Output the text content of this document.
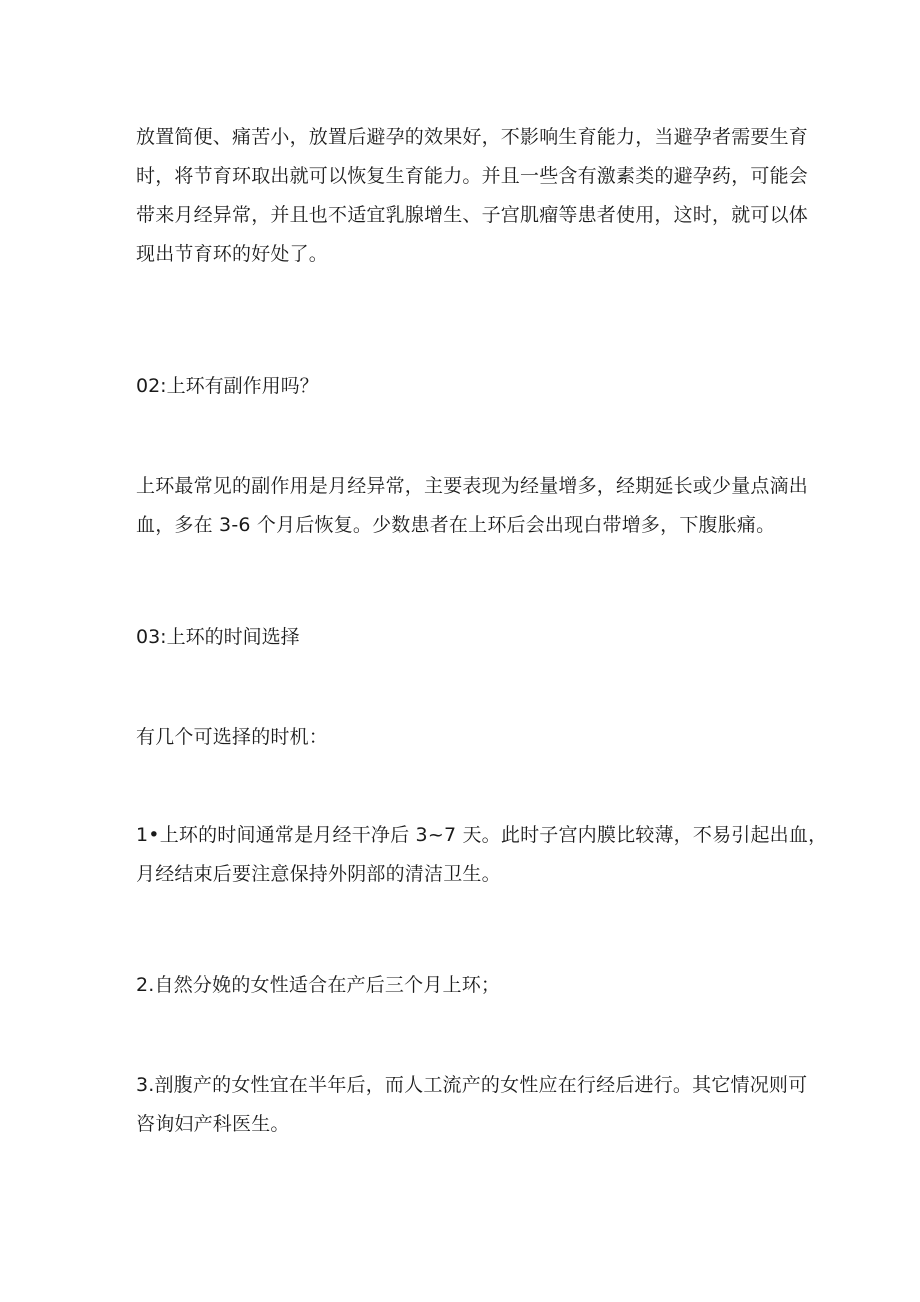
放置简便、痛苦小，放置后避孕的效果好，不影响生育能力，当避孕者需要生育
时，将节育环取出就可以恢复生育能力。并且一些含有激素类的避孕药，可能会
带来月经异常，并且也不适宜乳腺增生、子宫肌瘤等患者使用，这时，就可以体
现出节育环的好处了。

02:上环有副作用吗？

上环最常见的副作用是月经异常，主要表现为经量增多，经期延长或少量点滴出
血，多在 3-6 个月后恢复。少数患者在上环后会出现白带增多，下腹胀痛。

03:上环的时间选择

有几个可选择的时机：

1•上环的时间通常是月经干净后 3~7 天。此时子宫内膜比较薄，不易引起出血，
月经结束后要注意保持外阴部的清洁卫生。

2.自然分娩的女性适合在产后三个月上环；

3.剖腹产的女性宜在半年后，而人工流产的女性应在行经后进行。其它情况则可
咨询妇产科医生。
